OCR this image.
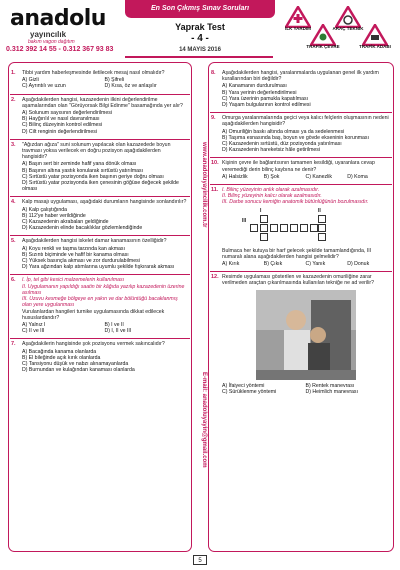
anadolu
yayıncılık
bakım vagon dağıtım
0.312 392 14 55 - 0.312 367 93 83
En Son Çıkmış Sınav Soruları
Yaprak Test
- 4 -
14 MAYIS 2016
İLK YARDIM
TRAFİK ÇEVRE
ARAÇ TEKNİK
TRAFİK ADABI
www.anadoluyayincilik.com.tr
E-mail: anadoluyayin@gmail.com
1. Tibbi yardım haberleşmesinde iletilecek mesaj nasıl olmalıdır?
A) Gizli	B) Şifreli
C) Ayrıntılı ve uzun	D) Kısa, öz ve anlaşılır
2. Aşağıdakilerden hangisi, kazazedenin ilkini değerlendirilme aşamalarından olan "Görüyorsak Bilgi Edinme" basamağında yer alır?
A) Solunum sayısının değerlendirilmesi
B) Hayğırılıl ve nasıl davranılması
C) Bilinç düzeyinin kontrol edilmesi
D) Cilt renginin değerlendirilmesi
3. "Ağızdan ağıza" suni solunum yapılacak olan kazazedede boyun travması yoksa verilecek en doğru pozisyon aşağıdakilerden hangisidir?
A) Başın sert bir zeminde hafif yana dönük olması
B) Başının altına yastık konularak sırtüstü yatırılması
C) Sırtüstü yatar pozisyonda iken başının geriye doğru olması
D) Sırtüstü yatar pozisyonda iken çenesinin göğüse değecek şekilde olması
4. Kalp masajı uygulaması, aşağıdaki durumların hangisinde sonlandırılır?
A) Kalp çalıştığında
B) 112'ye haber verildiğinde
C) Kazazedenin akrabaları geldiğinde
D) Kazazedenin elinde bacaklıklar gözlemlendiğinde
5. Aşağıdakilerden hangisi iskelet damar kanamasının özelliğidir?
A) Koyu renkli ve taşma tarzında kan akması
B) Sızıntı biçiminde ve hafif bir kanama olması
C) Yüksek basınçla akması ve zor durdurulabilmesi
D) Yara ağzından kalp atımlarına uyumlu şekilde fışkırarak akması
6. I. İp, tel gibi kesici malzemelerin kullanılması
II. Uygulamanın yapıldığı saatin bir kâğıda yazılıp kazazedenin üzerine asılması
III. Uzuvu kesmeğe bölgeye en yakın ve dar bölüntüğü bacaklanmış olan yere uygulanması
Vurulanlardan hangileri turnike uygulamasında dikkat edilecek hususlardandır?
A) Yalnız I	B) I ve II
C) II ve III	D) I, II ve III
7. Aşağıdakilerin hangisinde şok pozisyonu vermek sakıncalıdır?
A) Bacağında kanama olanlarda
B) El bileğinde açık kırık olanlarda
C) Tansiyonu düşük ve nabzı alınamayanlarda
D) Burnundan ve kulağından kanaması olanlarda
8. Aşağıdakilerden hangisi, yaralanmalarda uygulanan genel ilk yardım kurallarından biri değildir?
A) Kanamanın durdurulması
B) Yara yerinin değerlendirilmesi
C) Yara üzerinin pamukla kapatılması
D) Yaşam bulgularının kontrol edilmesi
9. Omurga yaralanmalarında geçici veya kalıcı felçlerin oluşmasının nedeni aşağıdakilerden hangisidir?
A) Omuriliğin baskı altında olması ya da sedelenmesi
B) Taşıma esnasında baş, boyun ve gövde ekseninin korunması
C) Kazazedenin sırtüstü, düz pozisyonda yatırılması
D) Kazazedenin hareketsiz hâle getirilmesi
10. Kişinin çevre ile bağlantısının tamamen kesildiği, uyaranlara cevap veremediği derin bilinç kaybına ne denir?
A) Halsizlik	B) Şok	C) Kanezlik	D) Koma
11. I. Bilinç yüzeyinin anlık olarak azalmasıdır.
II. Bilinç yüzeyinin kalıcı olarak azalmasıdır.
III. Darbe sonucu kemiğin anatomik bütünlüğünün bozulmasıdır.
I	II
III
Bulmaca her kutuya bir harf gelecek şekilde tamamlandığında, III numaralı alana aşağıdakilerden hangisi gelmelidir?
A) Kırık	B) Çıkık	C) Yanık	D) Donuk
12. Resimde uygulaması gösterilen ve kazazedenin omuriliğine zarar verilmeden araçtan çıkarılmasında kullanılan tekniğe ne ad verilir?
A) İfaiyeci yöntemi	B) Rentek manevrası
C) Sürüklenme yöntemi	D) Heimlich manevrası
5
